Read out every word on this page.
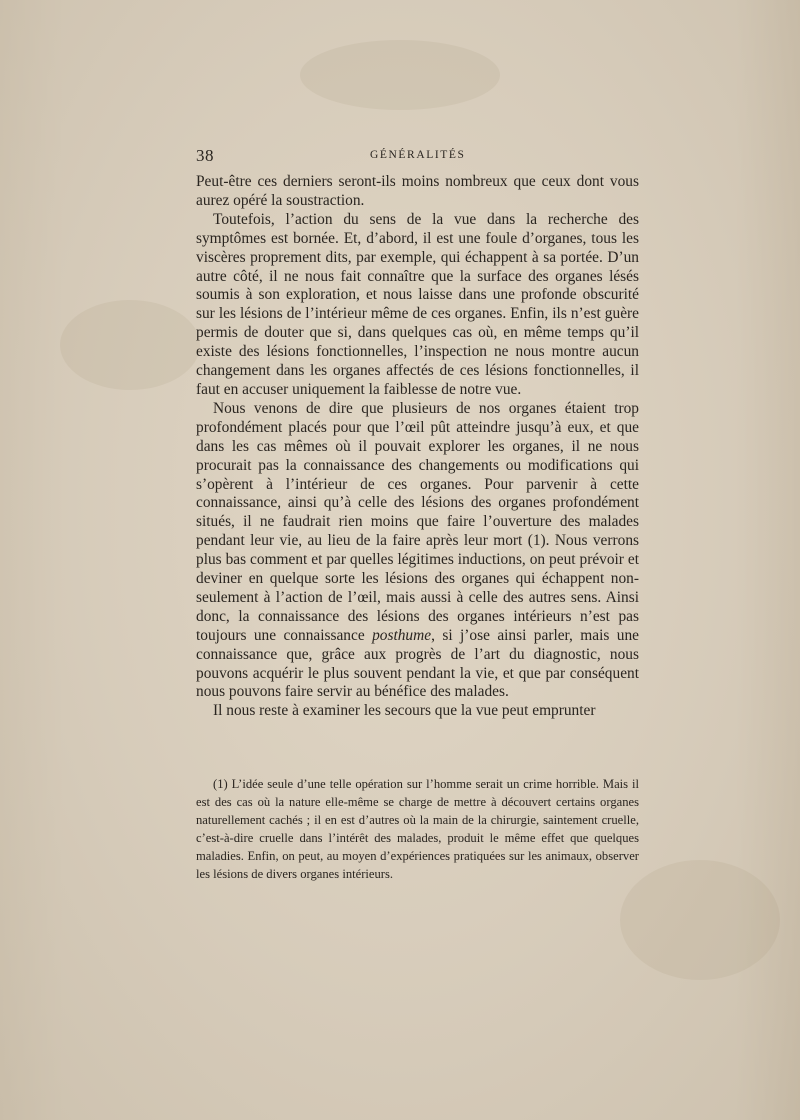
38	GÉNÉRALITÉS

Peut-être ces derniers seront-ils moins nombreux que ceux dont vous aurez opéré la soustraction.

Toutefois, l’action du sens de la vue dans la recherche des symptômes est bornée. Et, d’abord, il est une foule d’organes, tous les viscères proprement dits, par exemple, qui échappent à sa portée. D’un autre côté, il ne nous fait connaître que la surface des organes lésés soumis à son exploration, et nous laisse dans une profonde obscurité sur les lésions de l’intérieur même de ces organes. Enfin, ils n’est guère permis de douter que si, dans quelques cas où, en même temps qu’il existe des lésions fonctionnelles, l’inspection ne nous montre aucun changement dans les organes affectés de ces lésions fonctionnelles, il faut en accuser uniquement la faiblesse de notre vue.

Nous venons de dire que plusieurs de nos organes étaient trop profondément placés pour que l’œil pût atteindre jusqu’à eux, et que dans les cas mêmes où il pouvait explorer les organes, il ne nous procurait pas la connaissance des changements ou modifications qui s’opèrent à l’intérieur de ces organes. Pour parvenir à cette connaissance, ainsi qu’à celle des lésions des organes profondément situés, il ne faudrait rien moins que faire l’ouverture des malades pendant leur vie, au lieu de la faire après leur mort (1). Nous verrons plus bas comment et par quelles légitimes inductions, on peut prévoir et deviner en quelque sorte les lésions des organes qui échappent non-seulement à l’action de l’œil, mais aussi à celle des autres sens. Ainsi donc, la connaissance des lésions des organes intérieurs n’est pas toujours une connaissance posthume, si j’ose ainsi parler, mais une connaissance que, grâce aux progrès de l’art du diagnostic, nous pouvons acquérir le plus souvent pendant la vie, et que par conséquent nous pouvons faire servir au bénéfice des malades.

Il nous reste à examiner les secours que la vue peut emprunter

(1) L’idée seule d’une telle opération sur l’homme serait un crime horrible. Mais il est des cas où la nature elle-même se charge de mettre à découvert certains organes naturellement cachés ; il en est d’autres où la main de la chirurgie, saintement cruelle, c’est-à-dire cruelle dans l’intérêt des malades, produit le même effet que quelques maladies. Enfin, on peut, au moyen d’expériences pratiquées sur les animaux, observer les lésions de divers organes intérieurs.
